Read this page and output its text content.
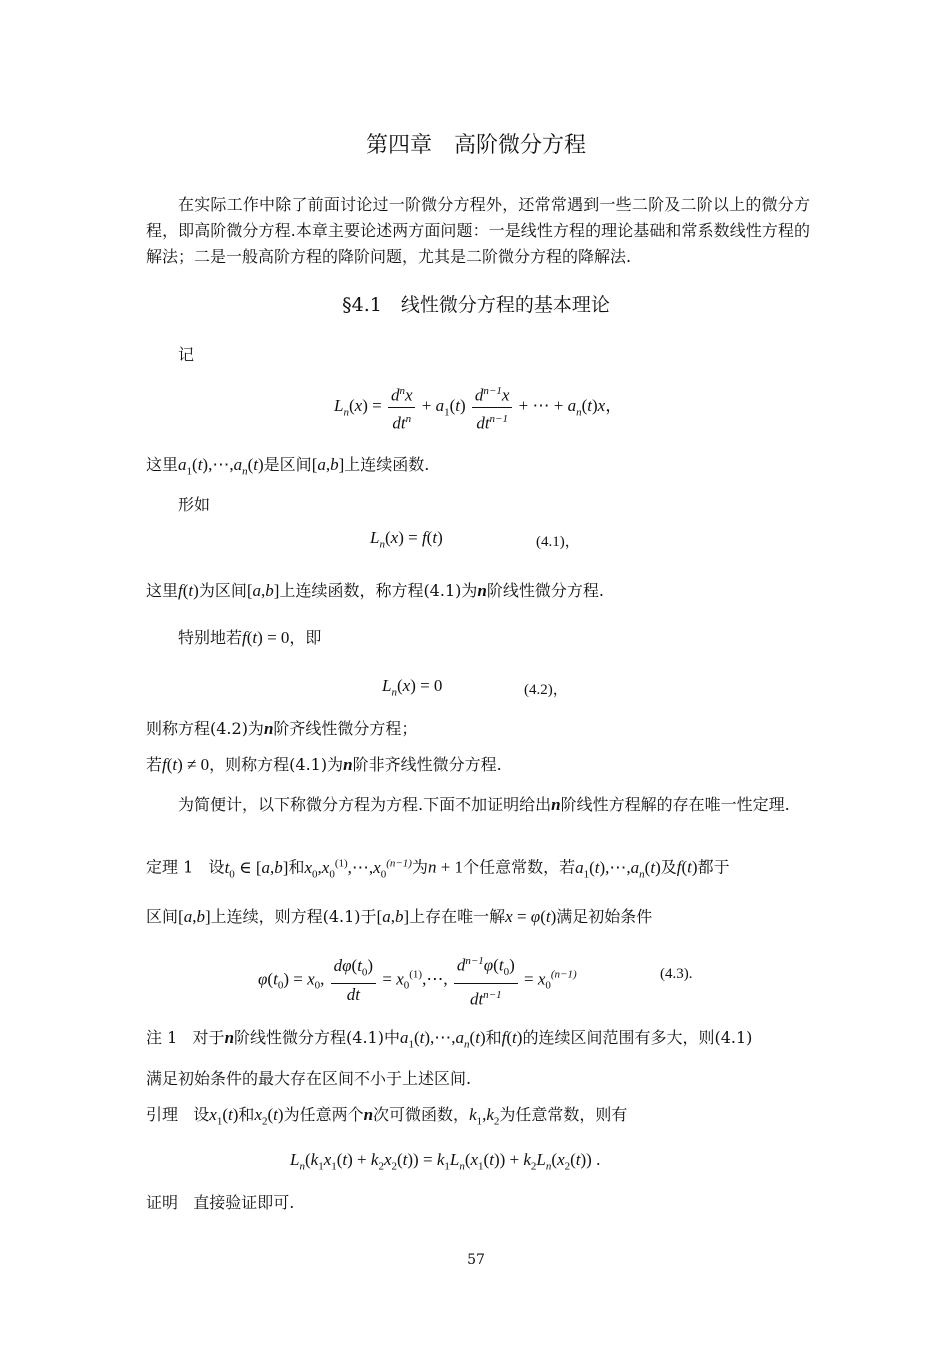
第四章　高阶微分方程
在实际工作中除了前面讨论过一阶微分方程外，还常常遇到一些二阶及二阶以上的微分方程，即高阶微分方程.本章主要论述两方面问题：一是线性方程的理论基础和常系数线性方程的解法；二是一般高阶方程的降阶问题，尤其是二阶微分方程的降解法.
§4.1　线性微分方程的基本理论
记
$L_n(x) = \frac{d^nx}{dt^n} + a_1(t) \frac{d^{n-1}x}{dt^{n-1}}$ + ⋯ + $a_n(t)x$，
这里$a_1(t),\cdots,a_n(t)$是区间[a,b]上连续函数.
形如
$L_n(x) = f(t)$	(4.1)，
这里f(t)为区间[a,b]上连续函数，称方程(4.1)为n阶线性微分方程.
特别地若f(t) = 0，即
$L_n(x) = 0$	(4.2)，
则称方程(4.2)为n阶齐线性微分方程；
若f(t) ≠ 0，则称方程(4.1)为n阶非齐线性微分方程.
为简便计，以下称微分方程为方程.下面不加证明给出n阶线性方程解的存在唯一性定理.
定理 1 设$t_0$ ∈ [a,b]和$x_0,x_0^{(1)},\cdots,x_0^{(n-1)}$为n + 1个任意常数，若$a_1(t),\cdots,a_n(t)$及f(t)都于
区间[a,b]上连续，则方程(4.1)于[a,b]上存在唯一解x = φ(t)满足初始条件
$\varphi(t_0) = x_0$, $\frac{d\varphi(t_0)}{dt}$ = $x_0^{(1)},\cdots$, $\frac{d^{n-1}\varphi(t_0)}{dt^{n-1}} = x_0^{(n-1)}$	(4.3).
注 1 对于n阶线性微分方程(4.1)中$a_1(t),\cdots,a_n(t)$和f(t)的连续区间范围有多大，则(4.1)
满足初始条件的最大存在区间不小于上述区间.
引理 设$x_1(t)$和$x_2(t)$为任意两个n次可微函数，$k_1,k_2$为任意常数，则有
$L_n(k_1x_1(t) + k_2x_2(t)) = k_1L_n(x_1(t)) + k_2L_n(x_2(t))$ .
证明 直接验证即可.
57
